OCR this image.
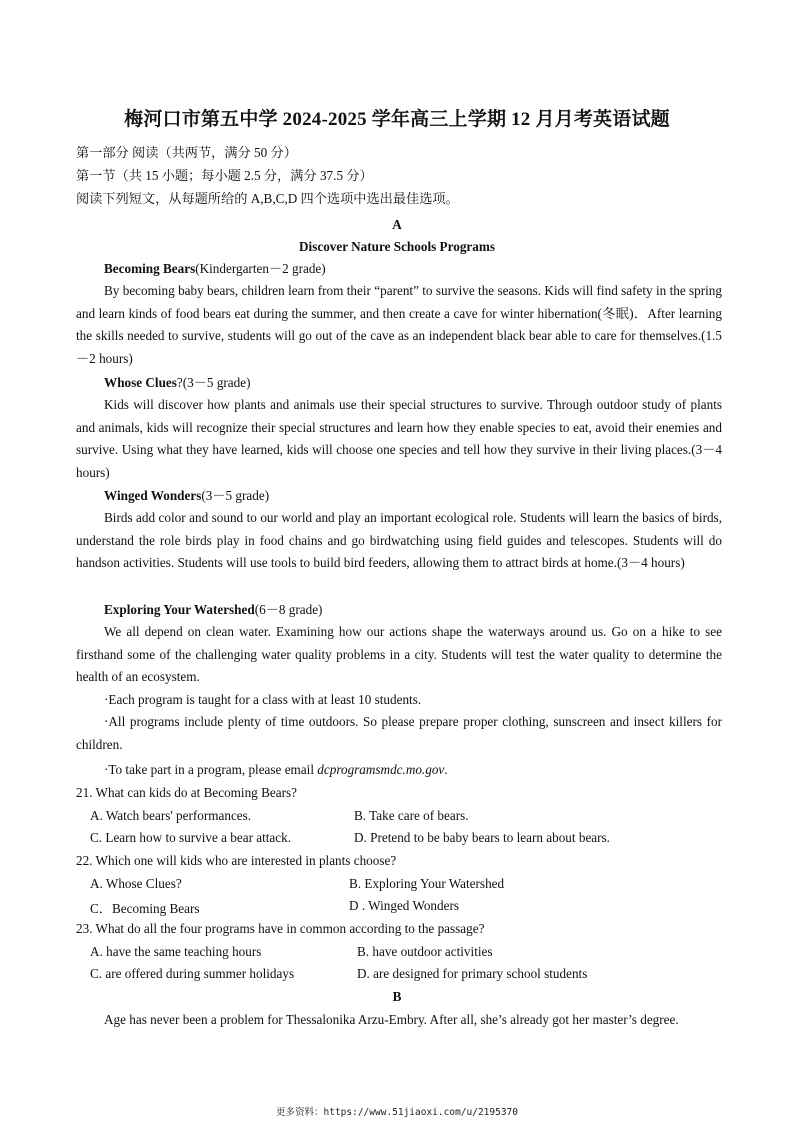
梅河口市第五中学 2024-2025 学年高三上学期 12 月月考英语试题
第一部分 阅读（共两节，满分 50 分）
第一节（共 15 小题；每小题 2.5 分，满分 37.5 分）
阅读下列短文，从每题所给的 A,B,C,D 四个选项中选出最佳选项。
A
Discover Nature Schools Programs
Becoming Bears(Kindergarten－2 grade)
By becoming baby bears, children learn from their “parent” to survive the seasons. Kids will find safety in the spring and learn kinds of food bears eat during the summer, and then create a cave for winter hibernation(冬眠)．After learning the skills needed to survive, students will go out of the cave as an independent black bear able to care for themselves.(1.5－2 hours)
Whose Clues?(3－5 grade)
Kids will discover how plants and animals use their special structures to survive. Through outdoor study of plants and animals, kids will recognize their special structures and learn how they enable species to eat, avoid their enemies and survive. Using what they have learned, kids will choose one species and tell how they survive in their living places.(3－4 hours)
Winged Wonders(3－5 grade)
Birds add color and sound to our world and play an important ecological role. Students will learn the basics of birds, understand the role birds play in food chains and go birdwatching using field guides and telescopes. Students will do handson activities. Students will use tools to build bird feeders, allowing them to attract birds at home.(3－4 hours)
Exploring Your Watershed(6－8 grade)
We all depend on clean water. Examining how our actions shape the waterways around us. Go on a hike to see firsthand some of the challenging water quality problems in a city. Students will test the water quality to determine the health of an ecosystem.
·Each program is taught for a class with at least 10 students.
·All programs include plenty of time outdoors. So please prepare proper clothing, sunscreen and insect killers for children.
·To take part in a program, please email dcprogramsmdc.mo.gov.
21. What can kids do at Becoming Bears?
A. Watch bears' performances.	B. Take care of bears.
C. Learn how to survive a bear attack.	D. Pretend to be baby bears to learn about bears.
22. Which one will kids who are interested in plants choose?
A. Whose Clues?	B. Exploring Your Watershed
C．Becoming Bears	D . Winged Wonders
23. What do all the four programs have in common according to the passage?
A. have the same teaching hours	B. have outdoor activities
C. are offered during summer holidays	D. are designed for primary school students
B
Age has never been a problem for Thessalonika Arzu-Embry. After all, she’s already got her master’s degree.
更多资料：https://www.51jiaoxi.com/u/2195370
